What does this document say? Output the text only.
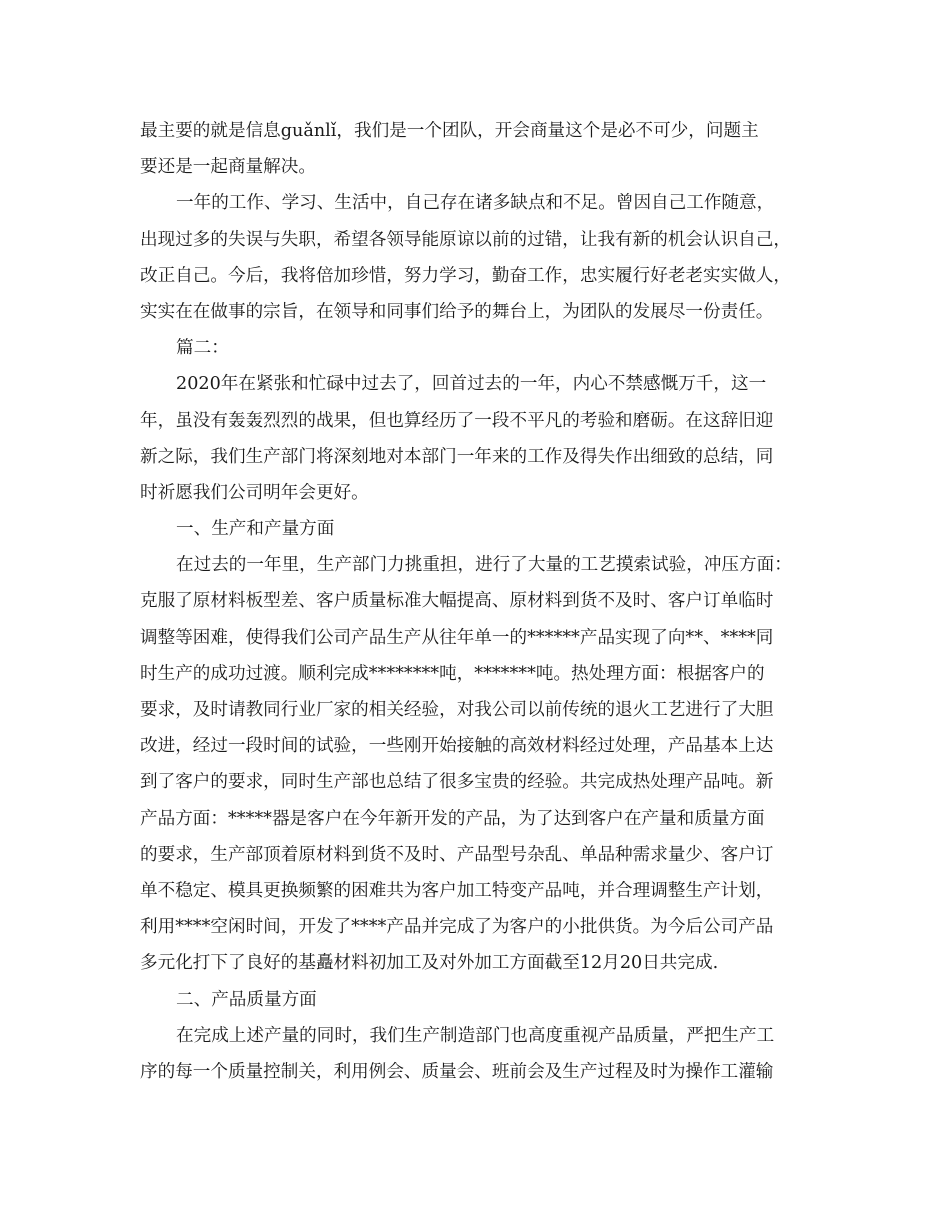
最主要的就是信息guǎnlǐ，我们是一个团队，开会商量这个是必不可少，问题主

要还是一起商量解决。

一年的工作、学习、生活中，自己存在诸多缺点和不足。曾因自己工作随意，

出现过多的失误与失职，希望各领导能原谅以前的过错，让我有新的机会认识自己，

改正自己。今后，我将倍加珍惜，努力学习，勤奋工作，忠实履行好老老实实做人，

实实在在做事的宗旨，在领导和同事们给予的舞台上，为团队的发展尽一份责任。

篇二：

2020年在紧张和忙碌中过去了，回首过去的一年，内心不禁感慨万千，这一

年，虽没有轰轰烈烈的战果，但也算经历了一段不平凡的考验和磨砺。在这辞旧迎

新之际，我们生产部门将深刻地对本部门一年来的工作及得失作出细致的总结，同

时祈愿我们公司明年会更好。

一、生产和产量方面

在过去的一年里，生产部门力挑重担，进行了大量的工艺摸索试验，冲压方面：

克服了原材料板型差、客户质量标准大幅提高、原材料到货不及时、客户订单临时

调整等困难，使得我们公司产品生产从往年单一的******产品实现了向**、****同

时生产的成功过渡。顺利完成********吨，*******吨。热处理方面：根据客户的

要求，及时请教同行业厂家的相关经验，对我公司以前传统的退火工艺进行了大胆

改进，经过一段时间的试验，一些刚开始接触的高效材料经过处理，产品基本上达

到了客户的要求，同时生产部也总结了很多宝贵的经验。共完成热处理产品吨。新

产品方面：*****器是客户在今年新开发的产品，为了达到客户在产量和质量方面

的要求，生产部顶着原材料到货不及时、产品型号杂乱、单品种需求量少、客户订

单不稳定、模具更换频繁的困难共为客户加工特变产品吨，并合理调整生产计划，

利用****空闲时间，开发了****产品并完成了为客户的小批供货。为今后公司产品

多元化打下了良好的基矗材料初加工及对外加工方面截至12月20日共完成.

二、产品质量方面

在完成上述产量的同时，我们生产制造部门也高度重视产品质量，严把生产工

序的每一个质量控制关，利用例会、质量会、班前会及生产过程及时为操作工灌输
